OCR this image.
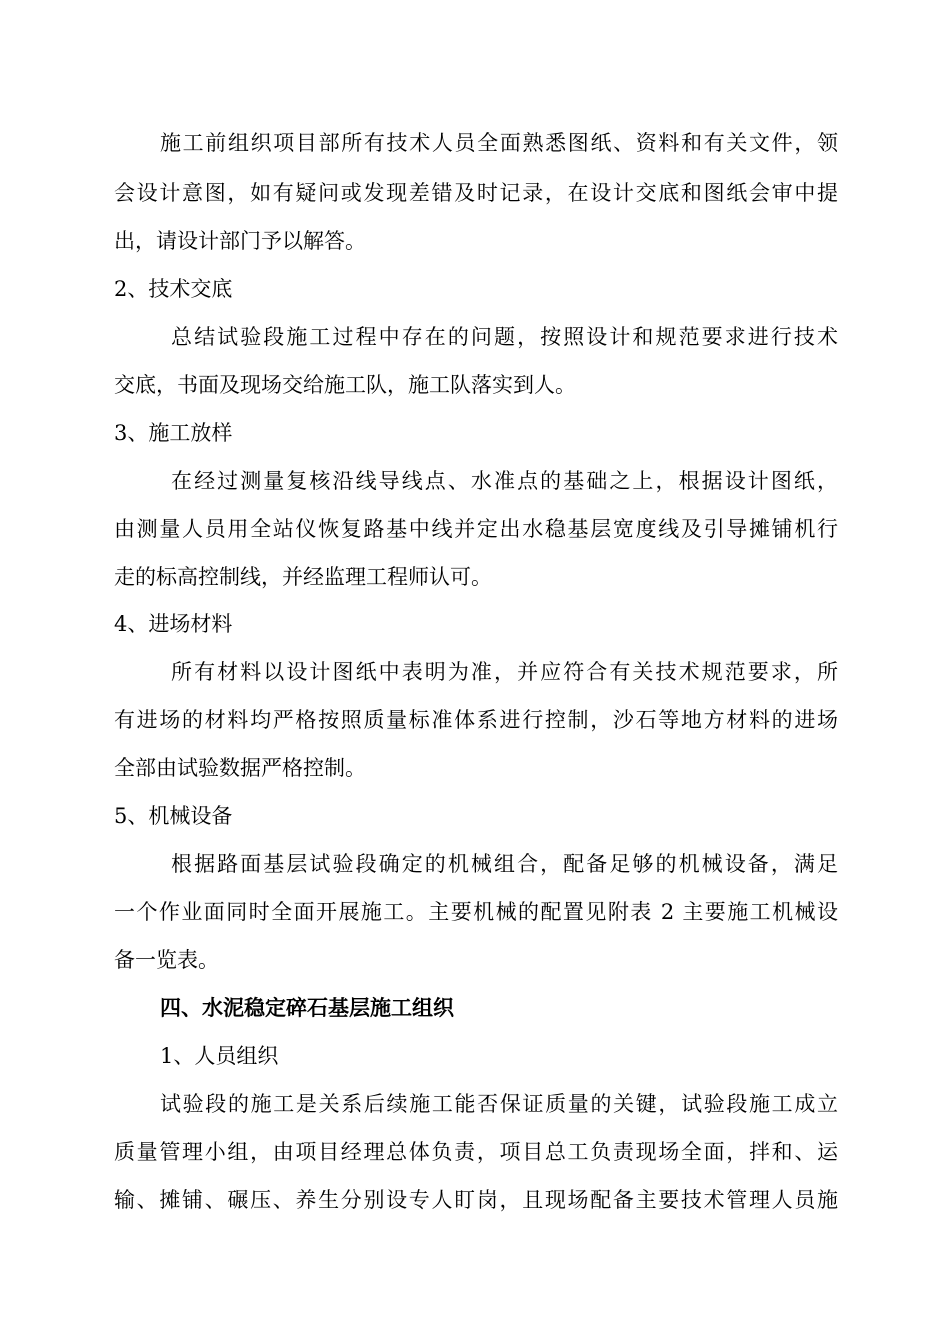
施工前组织项目部所有技术人员全面熟悉图纸、资料和有关文件，领
会设计意图，如有疑问或发现差错及时记录，在设计交底和图纸会审中提
出，请设计部门予以解答。
2、技术交底
总结试验段施工过程中存在的问题，按照设计和规范要求进行技术
交底，书面及现场交给施工队，施工队落实到人。
3、施工放样
在经过测量复核沿线导线点、水准点的基础之上，根据设计图纸，
由测量人员用全站仪恢复路基中线并定出水稳基层宽度线及引导摊铺机行
走的标高控制线，并经监理工程师认可。
4、进场材料
所有材料以设计图纸中表明为准，并应符合有关技术规范要求，所
有进场的材料均严格按照质量标准体系进行控制，沙石等地方材料的进场
全部由试验数据严格控制。
5、机械设备
根据路面基层试验段确定的机械组合，配备足够的机械设备，满足
一个作业面同时全面开展施工。主要机械的配置见附表 2 主要施工机械设
备一览表。
四、水泥稳定碎石基层施工组织
1、人员组织
试验段的施工是关系后续施工能否保证质量的关键，试验段施工成立
质量管理小组，由项目经理总体负责，项目总工负责现场全面，拌和、运
输、摊铺、碾压、养生分别设专人盯岗，且现场配备主要技术管理人员施
